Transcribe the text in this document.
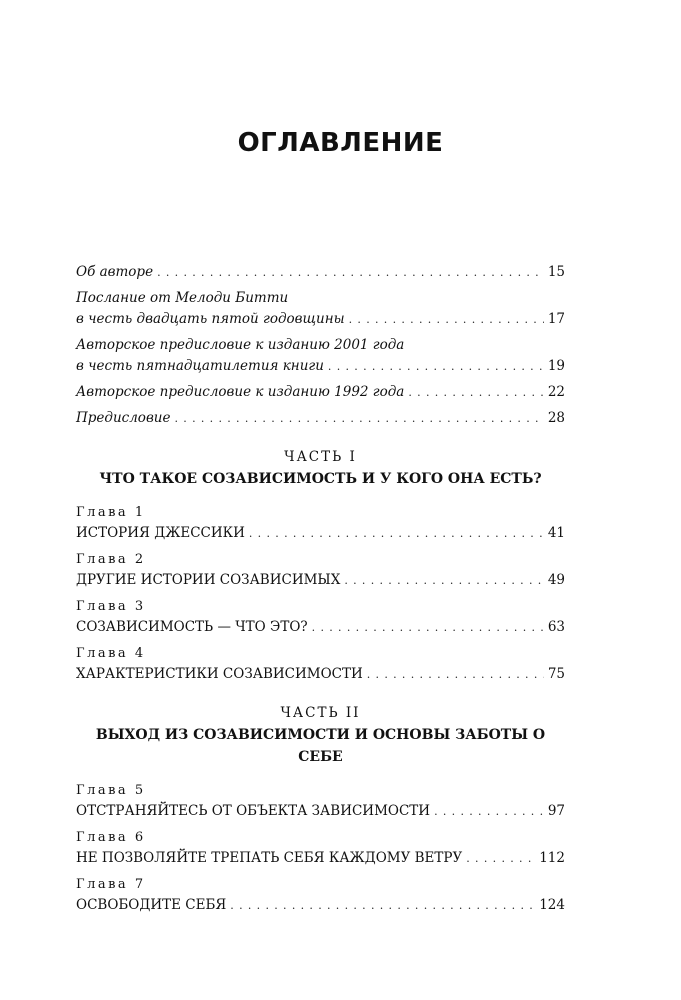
ОГЛАВЛЕНИЕ
Об авторе . . .	15
Послание от Мелоди Битти
в честь двадцать пятой годовщины . . .	17
Авторское предисловие к изданию 2001 года
в честь пятнадцатилетия книги . . .	19
Авторское предисловие к изданию 1992 года . . .	22
Предисловие . . .	28
ЧАСТЬ I
ЧТО ТАКОЕ СОЗАВИСИМОСТЬ И У КОГО ОНА ЕСТЬ?
Глава 1
ИСТОРИЯ ДЖЕССИКИ . . .	41
Глава 2
ДРУГИЕ ИСТОРИИ СОЗАВИСИМЫХ . . .	49
Глава 3
СОЗАВИСИМОСТЬ — ЧТО ЭТО? . . .	63
Глава 4
ХАРАКТЕРИСТИКИ СОЗАВИСИМОСТИ . . .	75
ЧАСТЬ II
ВЫХОД ИЗ СОЗАВИСИМОСТИ И ОСНОВЫ ЗАБОТЫ О СЕБЕ
Глава 5
ОТСТРАНЯЙТЕСЬ ОТ ОБЪЕКТА ЗАВИСИМОСТИ . . .	97
Глава 6
НЕ ПОЗВОЛЯЙТЕ ТРЕПАТЬ СЕБЯ КАЖДОМУ ВЕТРУ . . .	112
Глава 7
ОСВОБОДИТЕ СЕБЯ . . .	124
